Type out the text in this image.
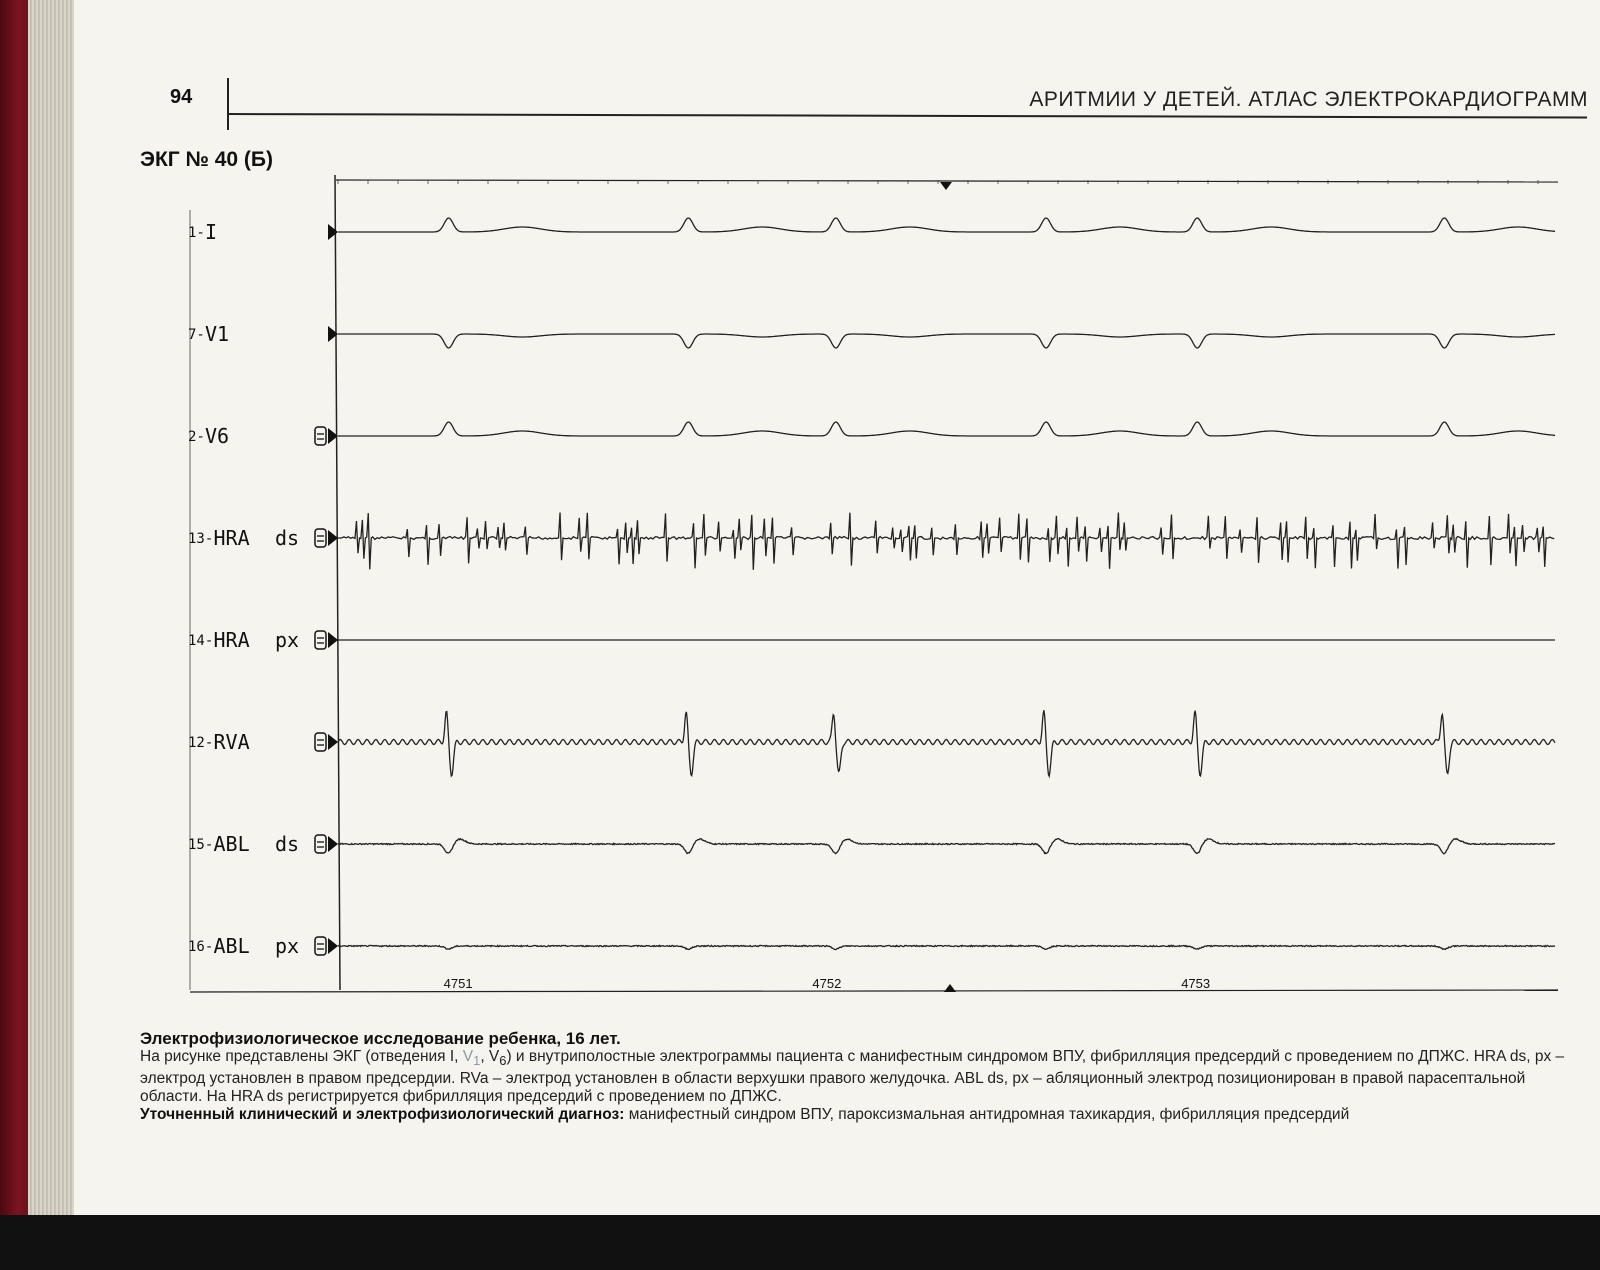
94	АРИТМИИ У ДЕТЕЙ. АТЛАС ЭЛЕКТРОКАРДИОГРАММ
ЭКГ № 40 (Б)
4751	4752	4753
1- I
7- V1
2- V6
13- HRA ds
14- HRA px
12- RVA
15- ABL ds
16- ABL px

Электрофизиологическое исследование ребенка, 16 лет.

На рисунке представлены ЭКГ (отведения I, $V_1$, $V_6$) и внутриполостные электрограммы пациента с манифестным синдромом ВПУ, фибрилляция предсердий с проведением по ДПЖС. HRA ds, px – электрод установлен в правом предсердии. RVa – электрод установлен в области верхушки правого желудочка. ABL ds, px – абляционный электрод позиционирован в правой парасептальной области. На HRA ds регистрируется фибрилляция предсердий с проведением по ДПЖС.

Уточненный клинический и электрофизиологический диагноз: манифестный синдром ВПУ, пароксизмальная антидромная тахикардия, фибрилляция предсердий
